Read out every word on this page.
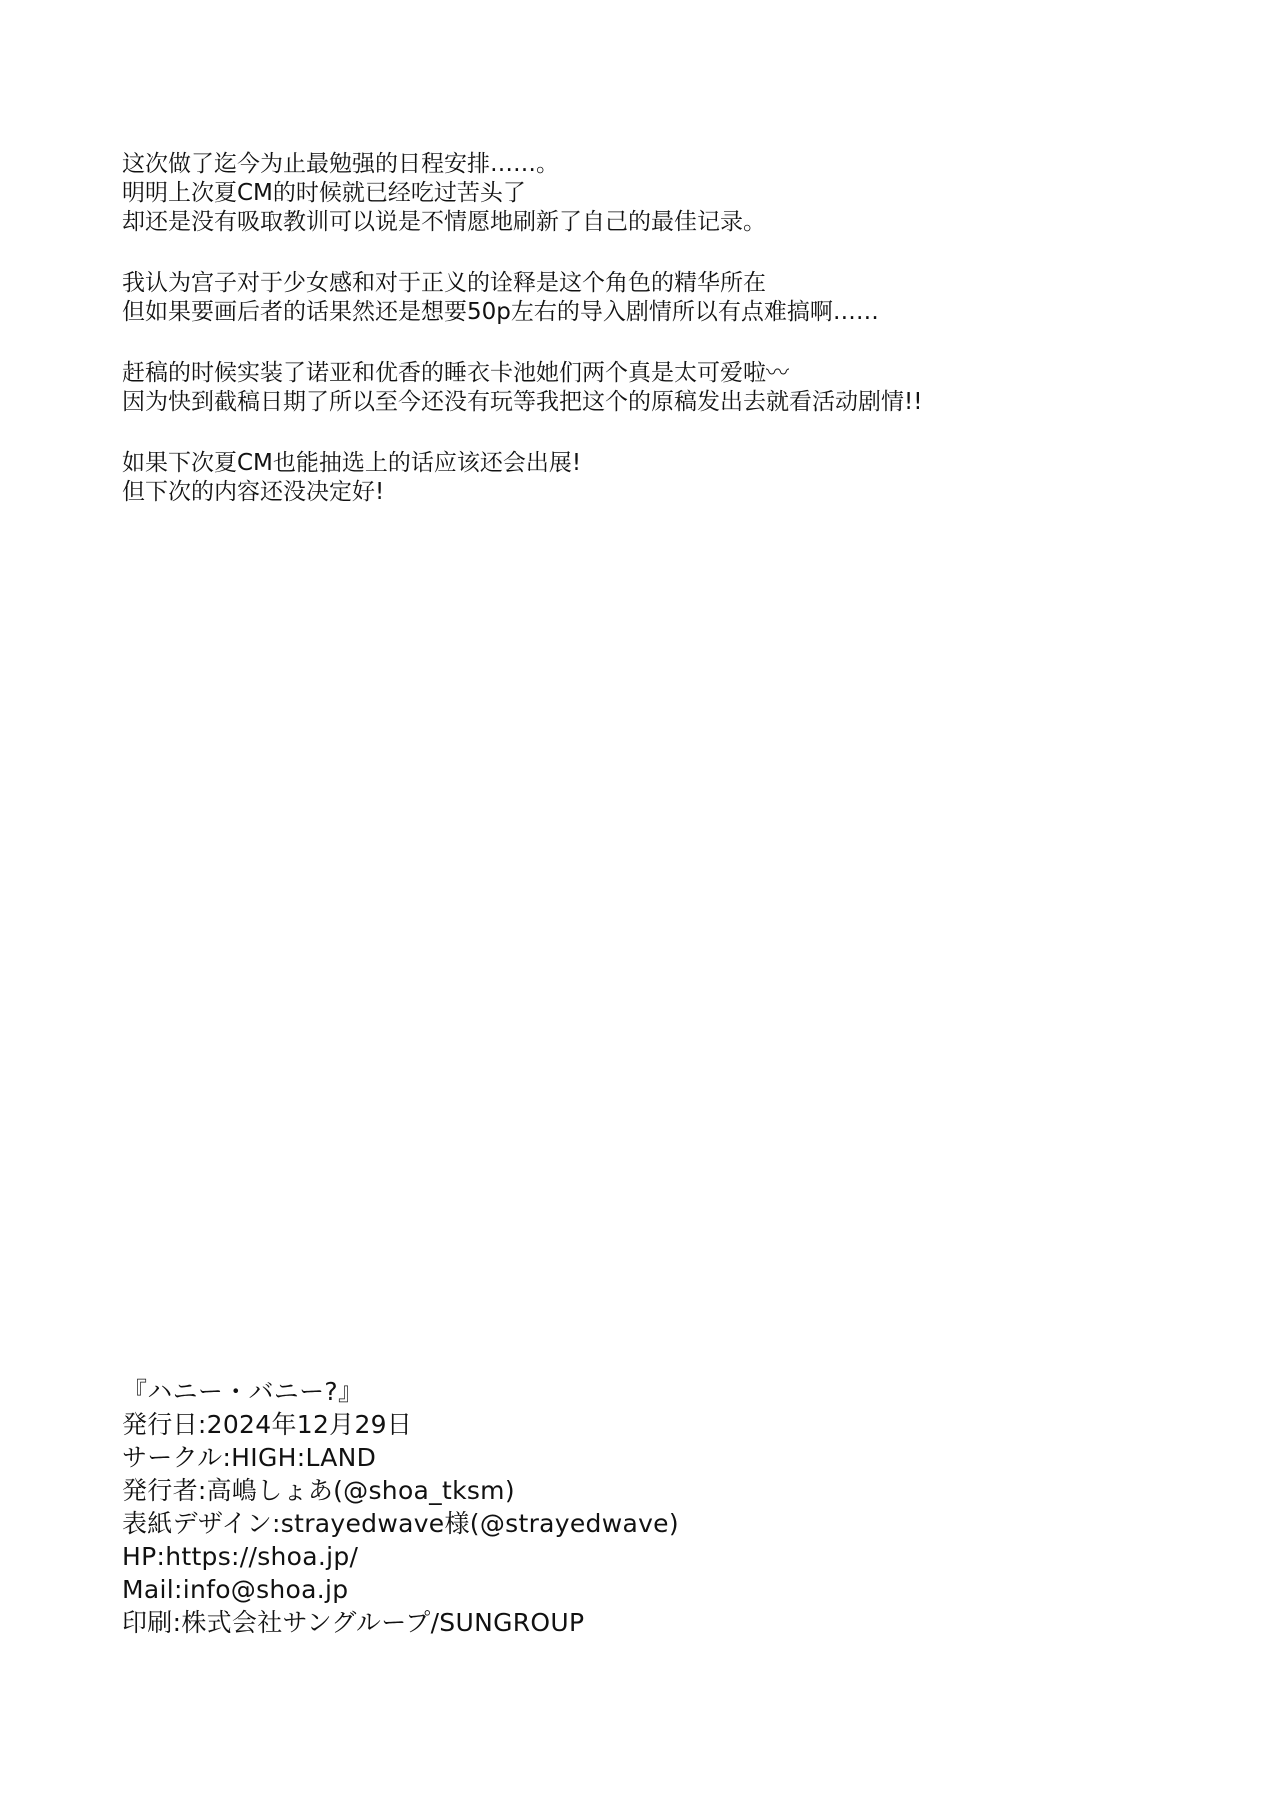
这次做了迄今为止最勉强的日程安排……。
明明上次夏CM的时候就已经吃过苦头了
却还是没有吸取教训可以说是不情愿地刷新了自己的最佳记录。
我认为宫子对于少女感和对于正义的诠释是这个角色的精华所在
但如果要画后者的话果然还是想要50p左右的导入剧情所以有点难搞啊……
赶稿的时候实装了诺亚和优香的睡衣卡池她们两个真是太可爱啦〰
因为快到截稿日期了所以至今还没有玩等我把这个的原稿发出去就看活动剧情!!
如果下次夏CM也能抽选上的话应该还会出展!
但下次的内容还没决定好!
『ハニー・バニー?』
発行日:2024年12月29日
サークル:HIGH:LAND
発行者:高嶋しょあ(@shoa_tksm)
表紙デザイン:strayedwave様(@strayedwave)
HP:https://shoa.jp/
Mail:info@shoa.jp
印刷:株式会社サングループ/SUNGROUP
